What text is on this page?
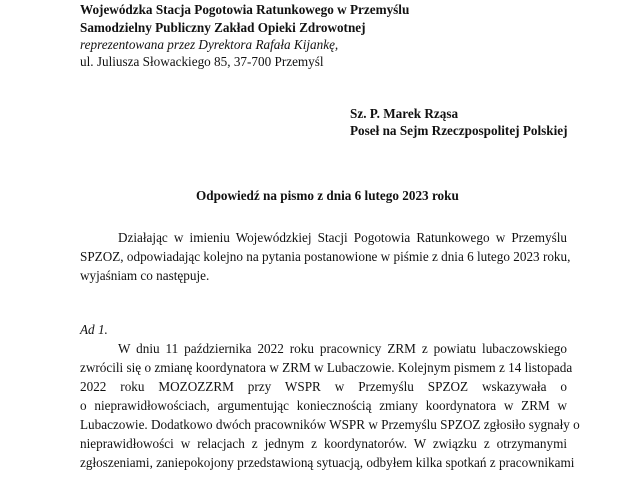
Wojewódzka Stacja Pogotowia Ratunkowego w Przemyślu
Samodzielny Publiczny Zakład Opieki Zdrowotnej
reprezentowana przez Dyrektora Rafała Kijankę,
ul. Juliusza Słowackiego 85, 37-700 Przemyśl
Sz. P. Marek Rząsa
Poseł na Sejm Rzeczpospolitej Polskiej
Odpowiedź na pismo z dnia 6 lutego 2023 roku
Działając w imieniu Wojewódzkiej Stacji Pogotowia Ratunkowego w Przemyślu
SPZOZ, odpowiadając kolejno na pytania postanowione w piśmie z dnia 6 lutego 2023 roku,
wyjaśniam co następuje.
Ad 1.
W dniu 11 października 2022 roku pracownicy ZRM z powiatu lubaczowskiego
zwrócili się o zmianę koordynatora w ZRM w Lubaczowie. Kolejnym pismem z 14 listopada
2022 roku MOZOZZRM przy WSPR w Przemyślu SPZOZ wskazywała o
o nieprawidłowościach, argumentując koniecznością zmiany koordynatora w ZRM w
Lubaczowie. Dodatkowo dwóch pracowników WSPR w Przemyślu SPZOZ zgłosiło sygnały o
nieprawidłowości w relacjach z jednym z koordynatorów. W związku z otrzymanymi
zgłoszeniami, zaniepokojony przedstawioną sytuacją, odbyłem kilka spotkań z pracownikami
